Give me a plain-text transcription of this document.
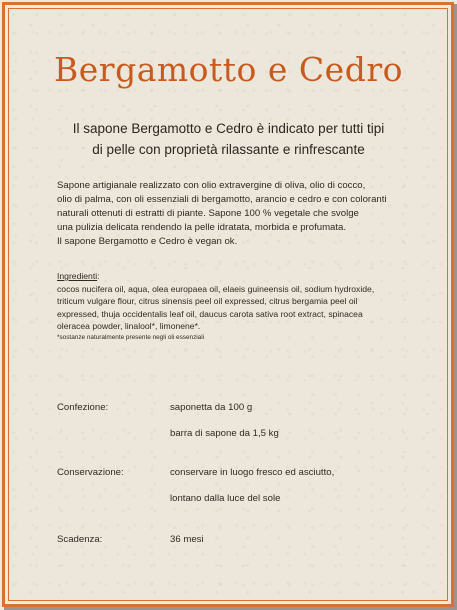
Bergamotto e Cedro
Il sapone Bergamotto e Cedro è indicato per tutti tipi
di pelle con proprietà rilassante e rinfrescante
Sapone artigianale realizzato con olio extravergine di oliva, olio di cocco,
olio di palma, con oli essenziali di bergamotto, arancio e cedro e con coloranti
naturali ottenuti di estratti di piante. Sapone 100 % vegetale che svolge
una pulizia delicata rendendo la pelle idratata, morbida e profumata.
Il sapone Bergamotto e Cedro è vegan ok.
Ingredienti:
cocos nucifera oil, aqua, olea europaea oil, elaeis guineensis oil, sodium hydroxide,
triticum vulgare flour, citrus sinensis peel oil expressed, citrus bergamia peel oil
expressed, thuja occidentalis leaf oil, daucus carota sativa root extract, spinacea
oleracea powder, linalool*, limonene*.
*sostanze naturalmente presente negli oli essenziali
Confezione:	saponetta da 100 g
barra di sapone da 1,5 kg
Conservazione:	conservare in luogo fresco ed asciutto,
lontano dalla luce del sole
Scadenza:	36 mesi
